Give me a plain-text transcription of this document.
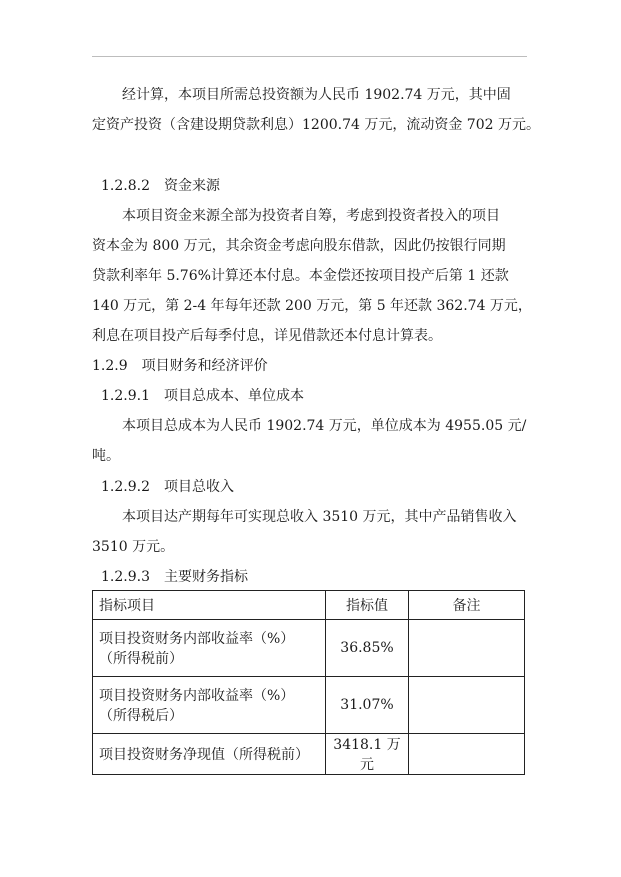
经计算，本项目所需总投资额为人民币 1902.74 万元，其中固
定资产投资（含建设期贷款利息）1200.74 万元，流动资金 702 万元。
1.2.8.2　资金来源
本项目资金来源全部为投资者自筹，考虑到投资者投入的项目
资本金为 800 万元，其余资金考虑向股东借款，因此仍按银行同期
贷款利率年 5.76%计算还本付息。本金偿还按项目投产后第 1 还款
140 万元，第 2-4 年每年还款 200 万元，第 5 年还款 362.74 万元，
利息在项目投产后每季付息，详见借款还本付息计算表。
1.2.9　项目财务和经济评价
1.2.9.1　项目总成本、单位成本
本项目总成本为人民币 1902.74 万元，单位成本为 4955.05 元/
吨。
1.2.9.2　项目总收入
本项目达产期每年可实现总收入 3510 万元，其中产品销售收入
3510 万元。
1.2.9.3　主要财务指标
指标项目	指标值	备注

项目投资财务内部收益率（%）
（所得税前）	36.85%	

项目投资财务内部收益率（%）
（所得税后）	31.07%	
项目投资财务净现值（所得税前）	3418.1 万元	
